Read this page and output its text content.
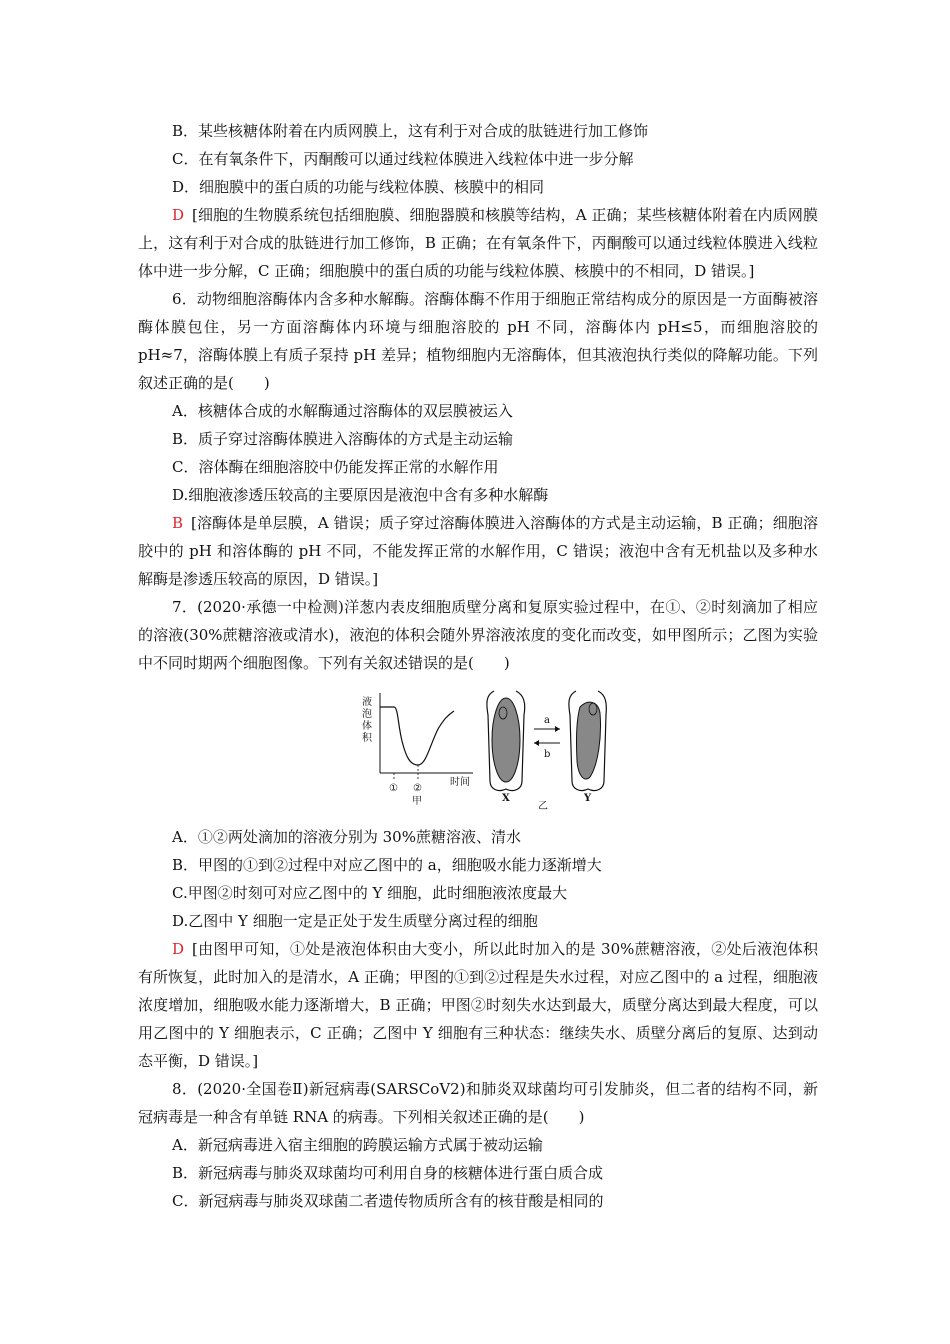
B．某些核糖体附着在内质网膜上，这有利于对合成的肽链进行加工修饰
C．在有氧条件下，丙酮酸可以通过线粒体膜进入线粒体中进一步分解
D．细胞膜中的蛋白质的功能与线粒体膜、核膜中的相同
D [细胞的生物膜系统包括细胞膜、细胞器膜和核膜等结构，A 正确；某些核糖体附着在内质网膜上，这有利于对合成的肽链进行加工修饰，B 正确；在有氧条件下，丙酮酸可以通过线粒体膜进入线粒体中进一步分解，C 正确；细胞膜中的蛋白质的功能与线粒体膜、核膜中的不相同，D 错误。]
6．动物细胞溶酶体内含多种水解酶。溶酶体酶不作用于细胞正常结构成分的原因是一方面酶被溶酶体膜包住，另一方面溶酶体内环境与细胞溶胶的 pH 不同，溶酶体内 pH≤5，而细胞溶胶的 pH≈7，溶酶体膜上有质子泵持 pH 差异；植物细胞内无溶酶体，但其液泡执行类似的降解功能。下列叙述正确的是(　　)
A．核糖体合成的水解酶通过溶酶体的双层膜被运入
B．质子穿过溶酶体膜进入溶酶体的方式是主动运输
C．溶体酶在细胞溶胶中仍能发挥正常的水解作用
D.细胞液渗透压较高的主要原因是液泡中含有多种水解酶
B [溶酶体是单层膜，A 错误；质子穿过溶酶体膜进入溶酶体的方式是主动运输，B 正确；细胞溶胶中的 pH 和溶体酶的 pH 不同，不能发挥正常的水解作用，C 错误；液泡中含有无机盐以及多种水解酶是渗透压较高的原因，D 错误。]
7．(2020·承德一中检测)洋葱内表皮细胞质壁分离和复原实验过程中，在①、②时刻滴加了相应的溶液(30%蔗糖溶液或清水)，液泡的体积会随外界溶液浓度的变化而改变，如甲图所示；乙图为实验中不同时期两个细胞图像。下列有关叙述错误的是(　　)
液
泡
体
积
① ②
时间
甲	X
a
b
乙
Y
A．①②两处滴加的溶液分别为 30%蔗糖溶液、清水
B．甲图的①到②过程中对应乙图中的 a，细胞吸水能力逐渐增大
C.甲图②时刻可对应乙图中的 Y 细胞，此时细胞液浓度最大
D.乙图中 Y 细胞一定是正处于发生质壁分离过程的细胞
D [由图甲可知，①处是液泡体积由大变小，所以此时加入的是 30%蔗糖溶液，②处后液泡体积有所恢复，此时加入的是清水，A 正确；甲图的①到②过程是失水过程，对应乙图中的 a 过程，细胞液浓度增加，细胞吸水能力逐渐增大，B 正确；甲图②时刻失水达到最大，质壁分离达到最大程度，可以用乙图中的 Y 细胞表示，C 正确；乙图中 Y 细胞有三种状态：继续失水、质壁分离后的复原、达到动态平衡，D 错误。]
8．(2020·全国卷Ⅱ)新冠病毒(SARSCoV2)和肺炎双球菌均可引发肺炎，但二者的结构不同，新冠病毒是一种含有单链 RNA 的病毒。下列相关叙述正确的是(　　)
A．新冠病毒进入宿主细胞的跨膜运输方式属于被动运输
B．新冠病毒与肺炎双球菌均可利用自身的核糖体进行蛋白质合成
C．新冠病毒与肺炎双球菌二者遗传物质所含有的核苷酸是相同的
